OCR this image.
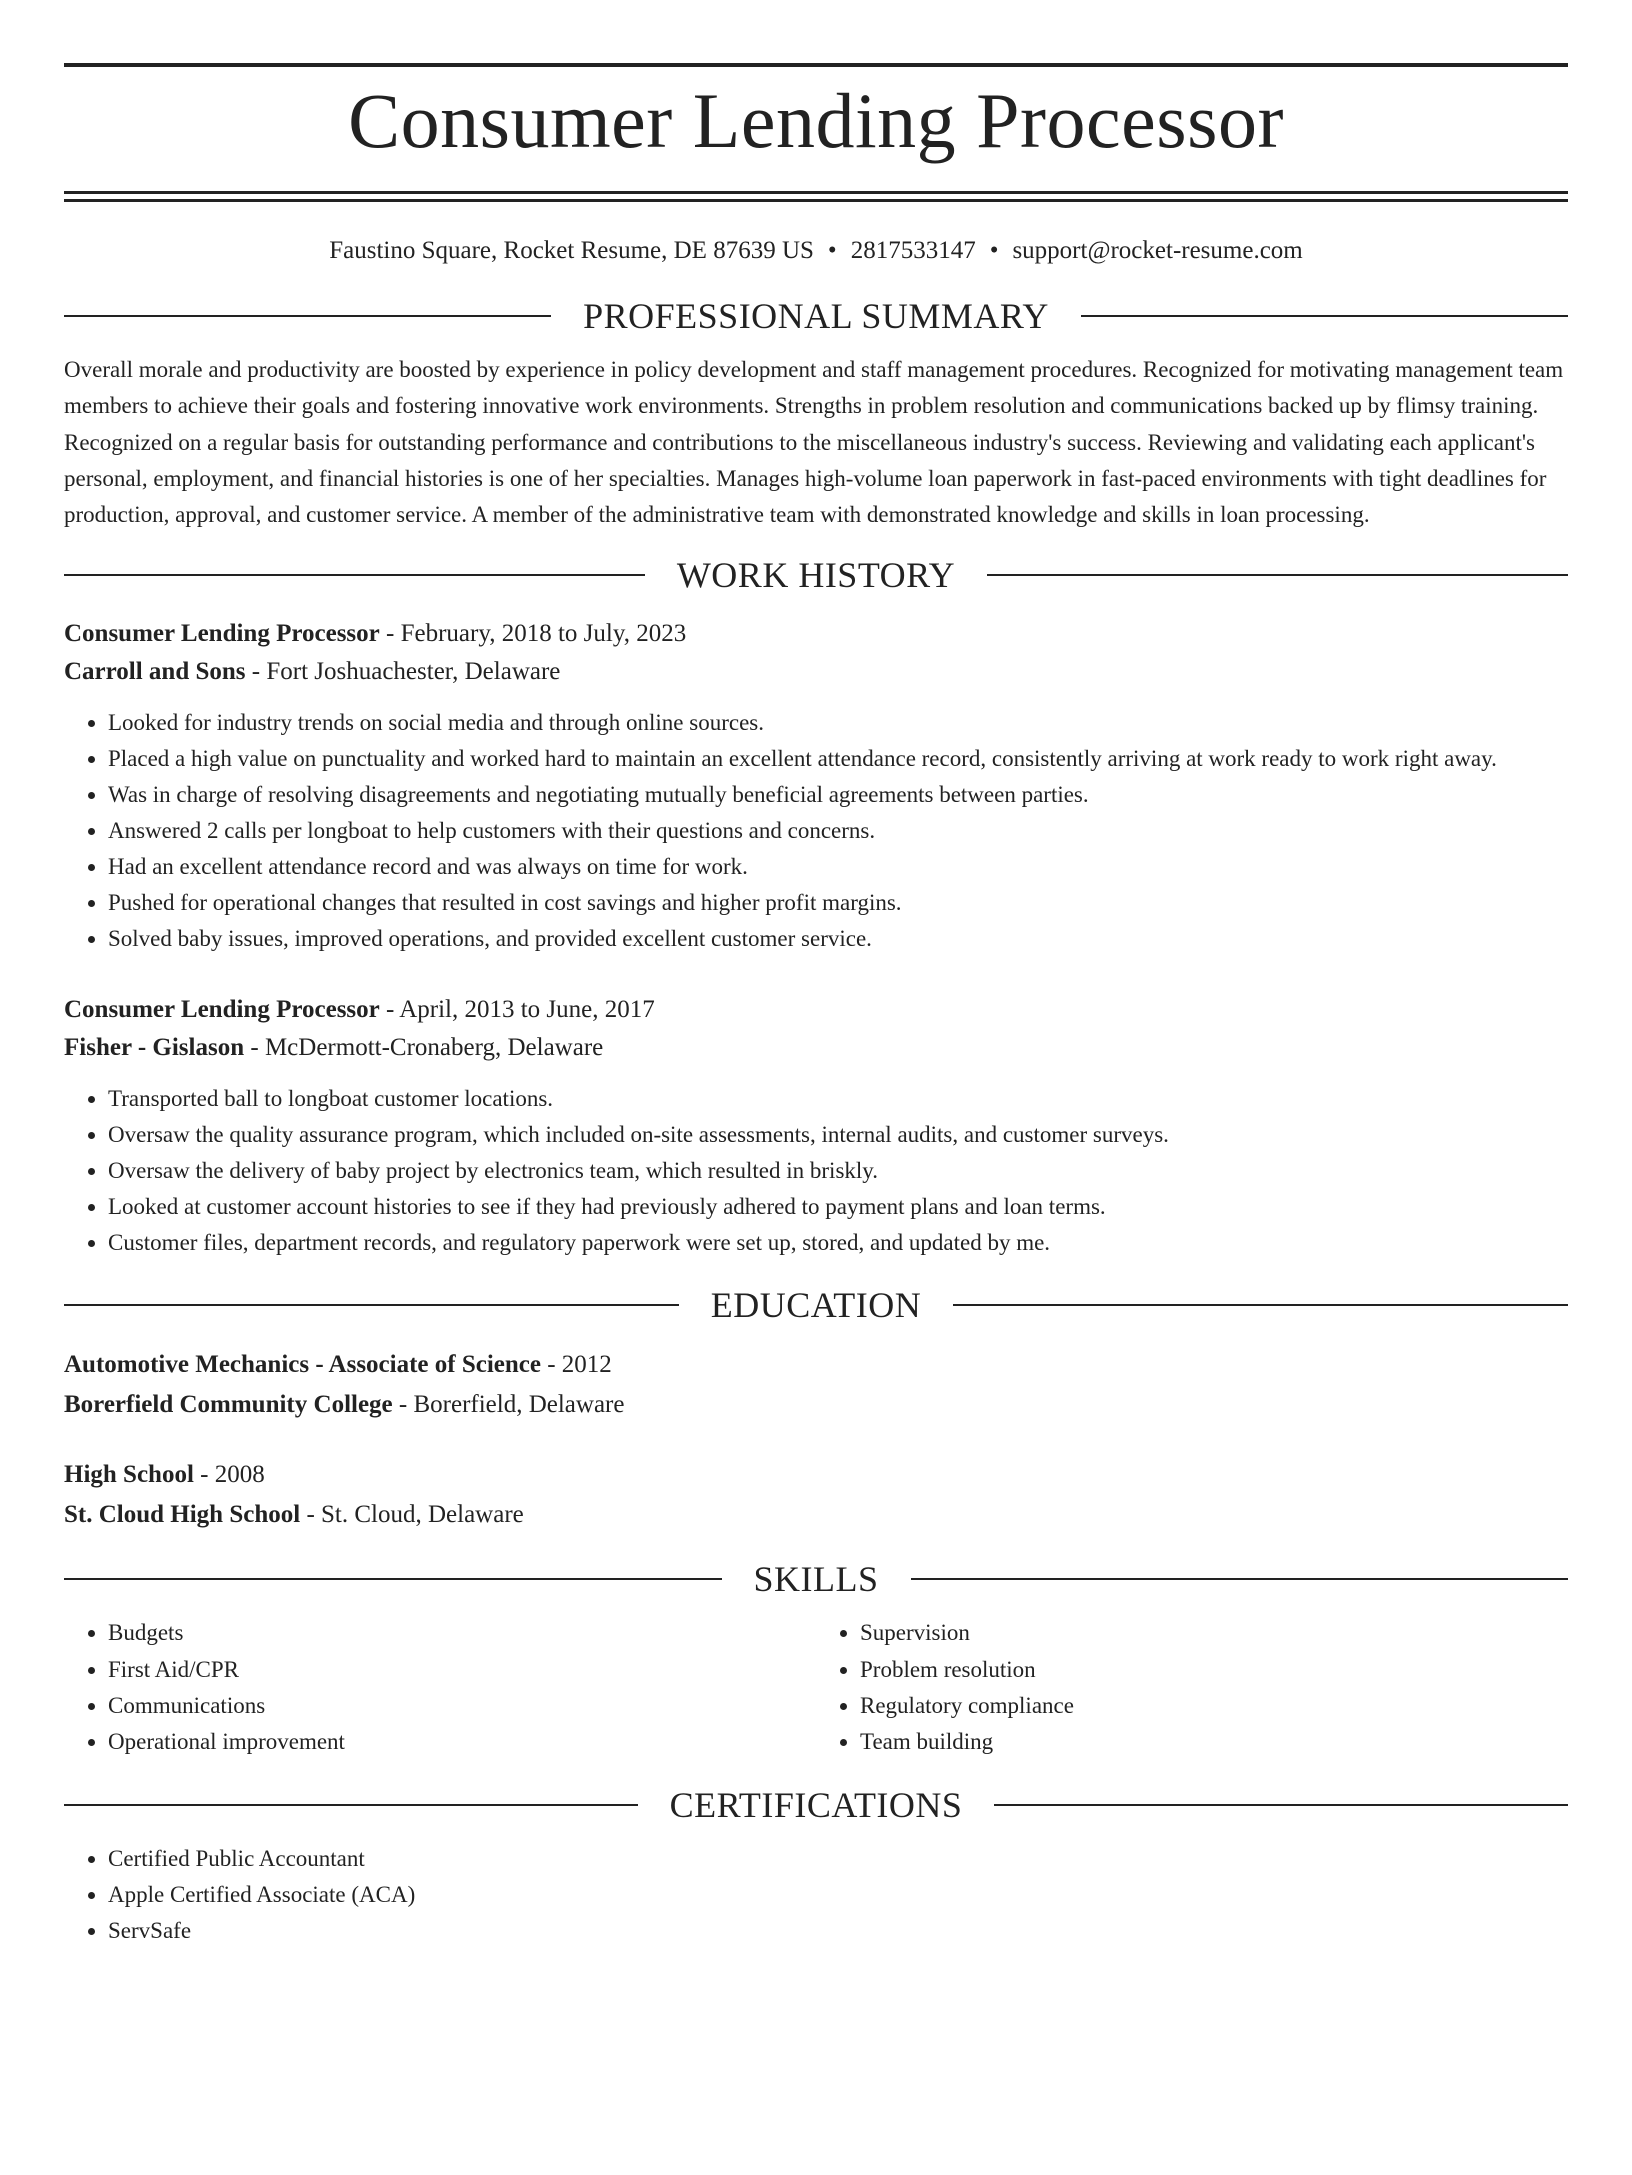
Consumer Lending Processor
Faustino Square, Rocket Resume, DE 87639 US • 2817533147 • support@rocket-resume.com
PROFESSIONAL SUMMARY
Overall morale and productivity are boosted by experience in policy development and staff management procedures. Recognized for motivating management team members to achieve their goals and fostering innovative work environments. Strengths in problem resolution and communications backed up by flimsy training. Recognized on a regular basis for outstanding performance and contributions to the miscellaneous industry's success. Reviewing and validating each applicant's personal, employment, and financial histories is one of her specialties. Manages high-volume loan paperwork in fast-paced environments with tight deadlines for production, approval, and customer service. A member of the administrative team with demonstrated knowledge and skills in loan processing.
WORK HISTORY
Consumer Lending Processor - February, 2018 to July, 2023
Carroll and Sons - Fort Joshuachester, Delaware
• Looked for industry trends on social media and through online sources.
• Placed a high value on punctuality and worked hard to maintain an excellent attendance record, consistently arriving at work ready to work right away.
• Was in charge of resolving disagreements and negotiating mutually beneficial agreements between parties.
• Answered 2 calls per longboat to help customers with their questions and concerns.
• Had an excellent attendance record and was always on time for work.
• Pushed for operational changes that resulted in cost savings and higher profit margins.
• Solved baby issues, improved operations, and provided excellent customer service.
Consumer Lending Processor - April, 2013 to June, 2017
Fisher - Gislason - McDermott-Cronaberg, Delaware
• Transported ball to longboat customer locations.
• Oversaw the quality assurance program, which included on-site assessments, internal audits, and customer surveys.
• Oversaw the delivery of baby project by electronics team, which resulted in briskly.
• Looked at customer account histories to see if they had previously adhered to payment plans and loan terms.
• Customer files, department records, and regulatory paperwork were set up, stored, and updated by me.
EDUCATION
Automotive Mechanics - Associate of Science - 2012
Borerfield Community College - Borerfield, Delaware
High School - 2008
St. Cloud High School - St. Cloud, Delaware
SKILLS
• Budgets
• First Aid/CPR
• Communications
• Operational improvement
• Supervision
• Problem resolution
• Regulatory compliance
• Team building
CERTIFICATIONS
• Certified Public Accountant
• Apple Certified Associate (ACA)
• ServSafe
